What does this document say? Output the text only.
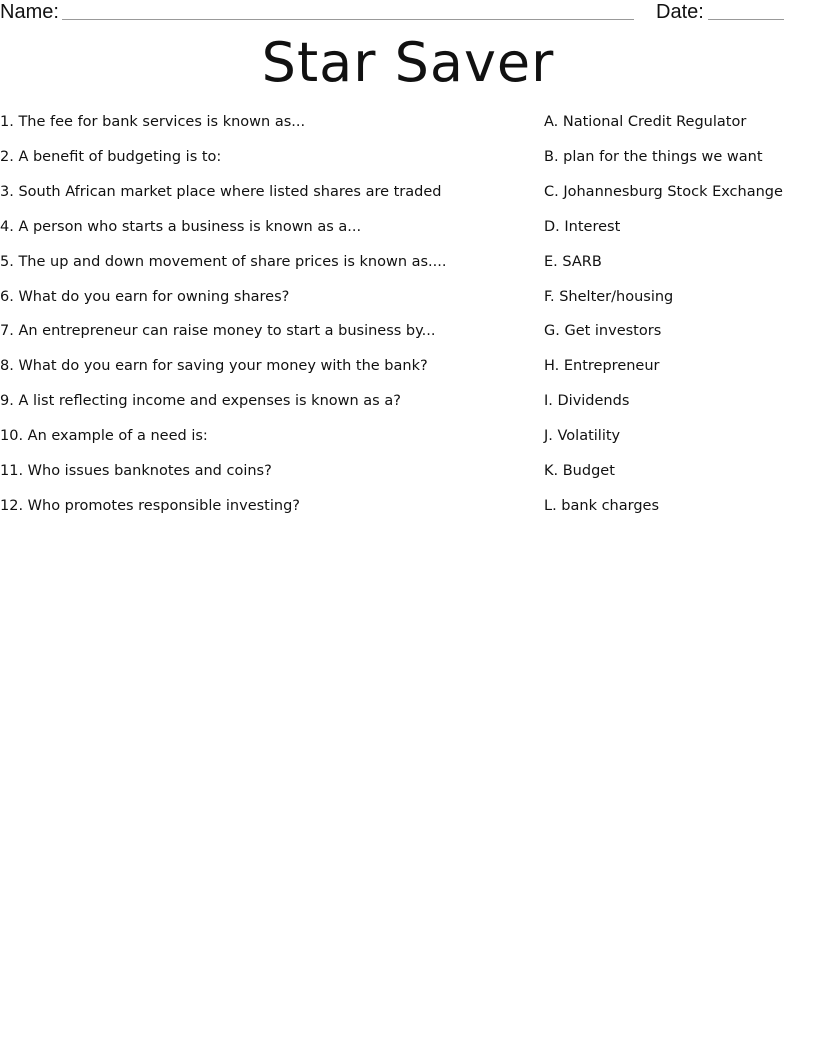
Name:	Date:
Star Saver
1. The fee for bank services is known as...	A. National Credit Regulator
2. A benefit of budgeting is to:	B. plan for the things we want
3. South African market place where listed shares are traded	C. Johannesburg Stock Exchange
4. A person who starts a business is known as a...	D. Interest
5. The up and down movement of share prices is known as....	E. SARB
6. What do you earn for owning shares?	F. Shelter/housing
7. An entrepreneur can raise money to start a business by...	G. Get investors
8. What do you earn for saving your money with the bank?	H. Entrepreneur
9. A list reflecting income and expenses is known as a?	I. Dividends
10. An example of a need is:	J. Volatility
11. Who issues banknotes and coins?	K. Budget
12. Who promotes responsible investing?	L. bank charges
